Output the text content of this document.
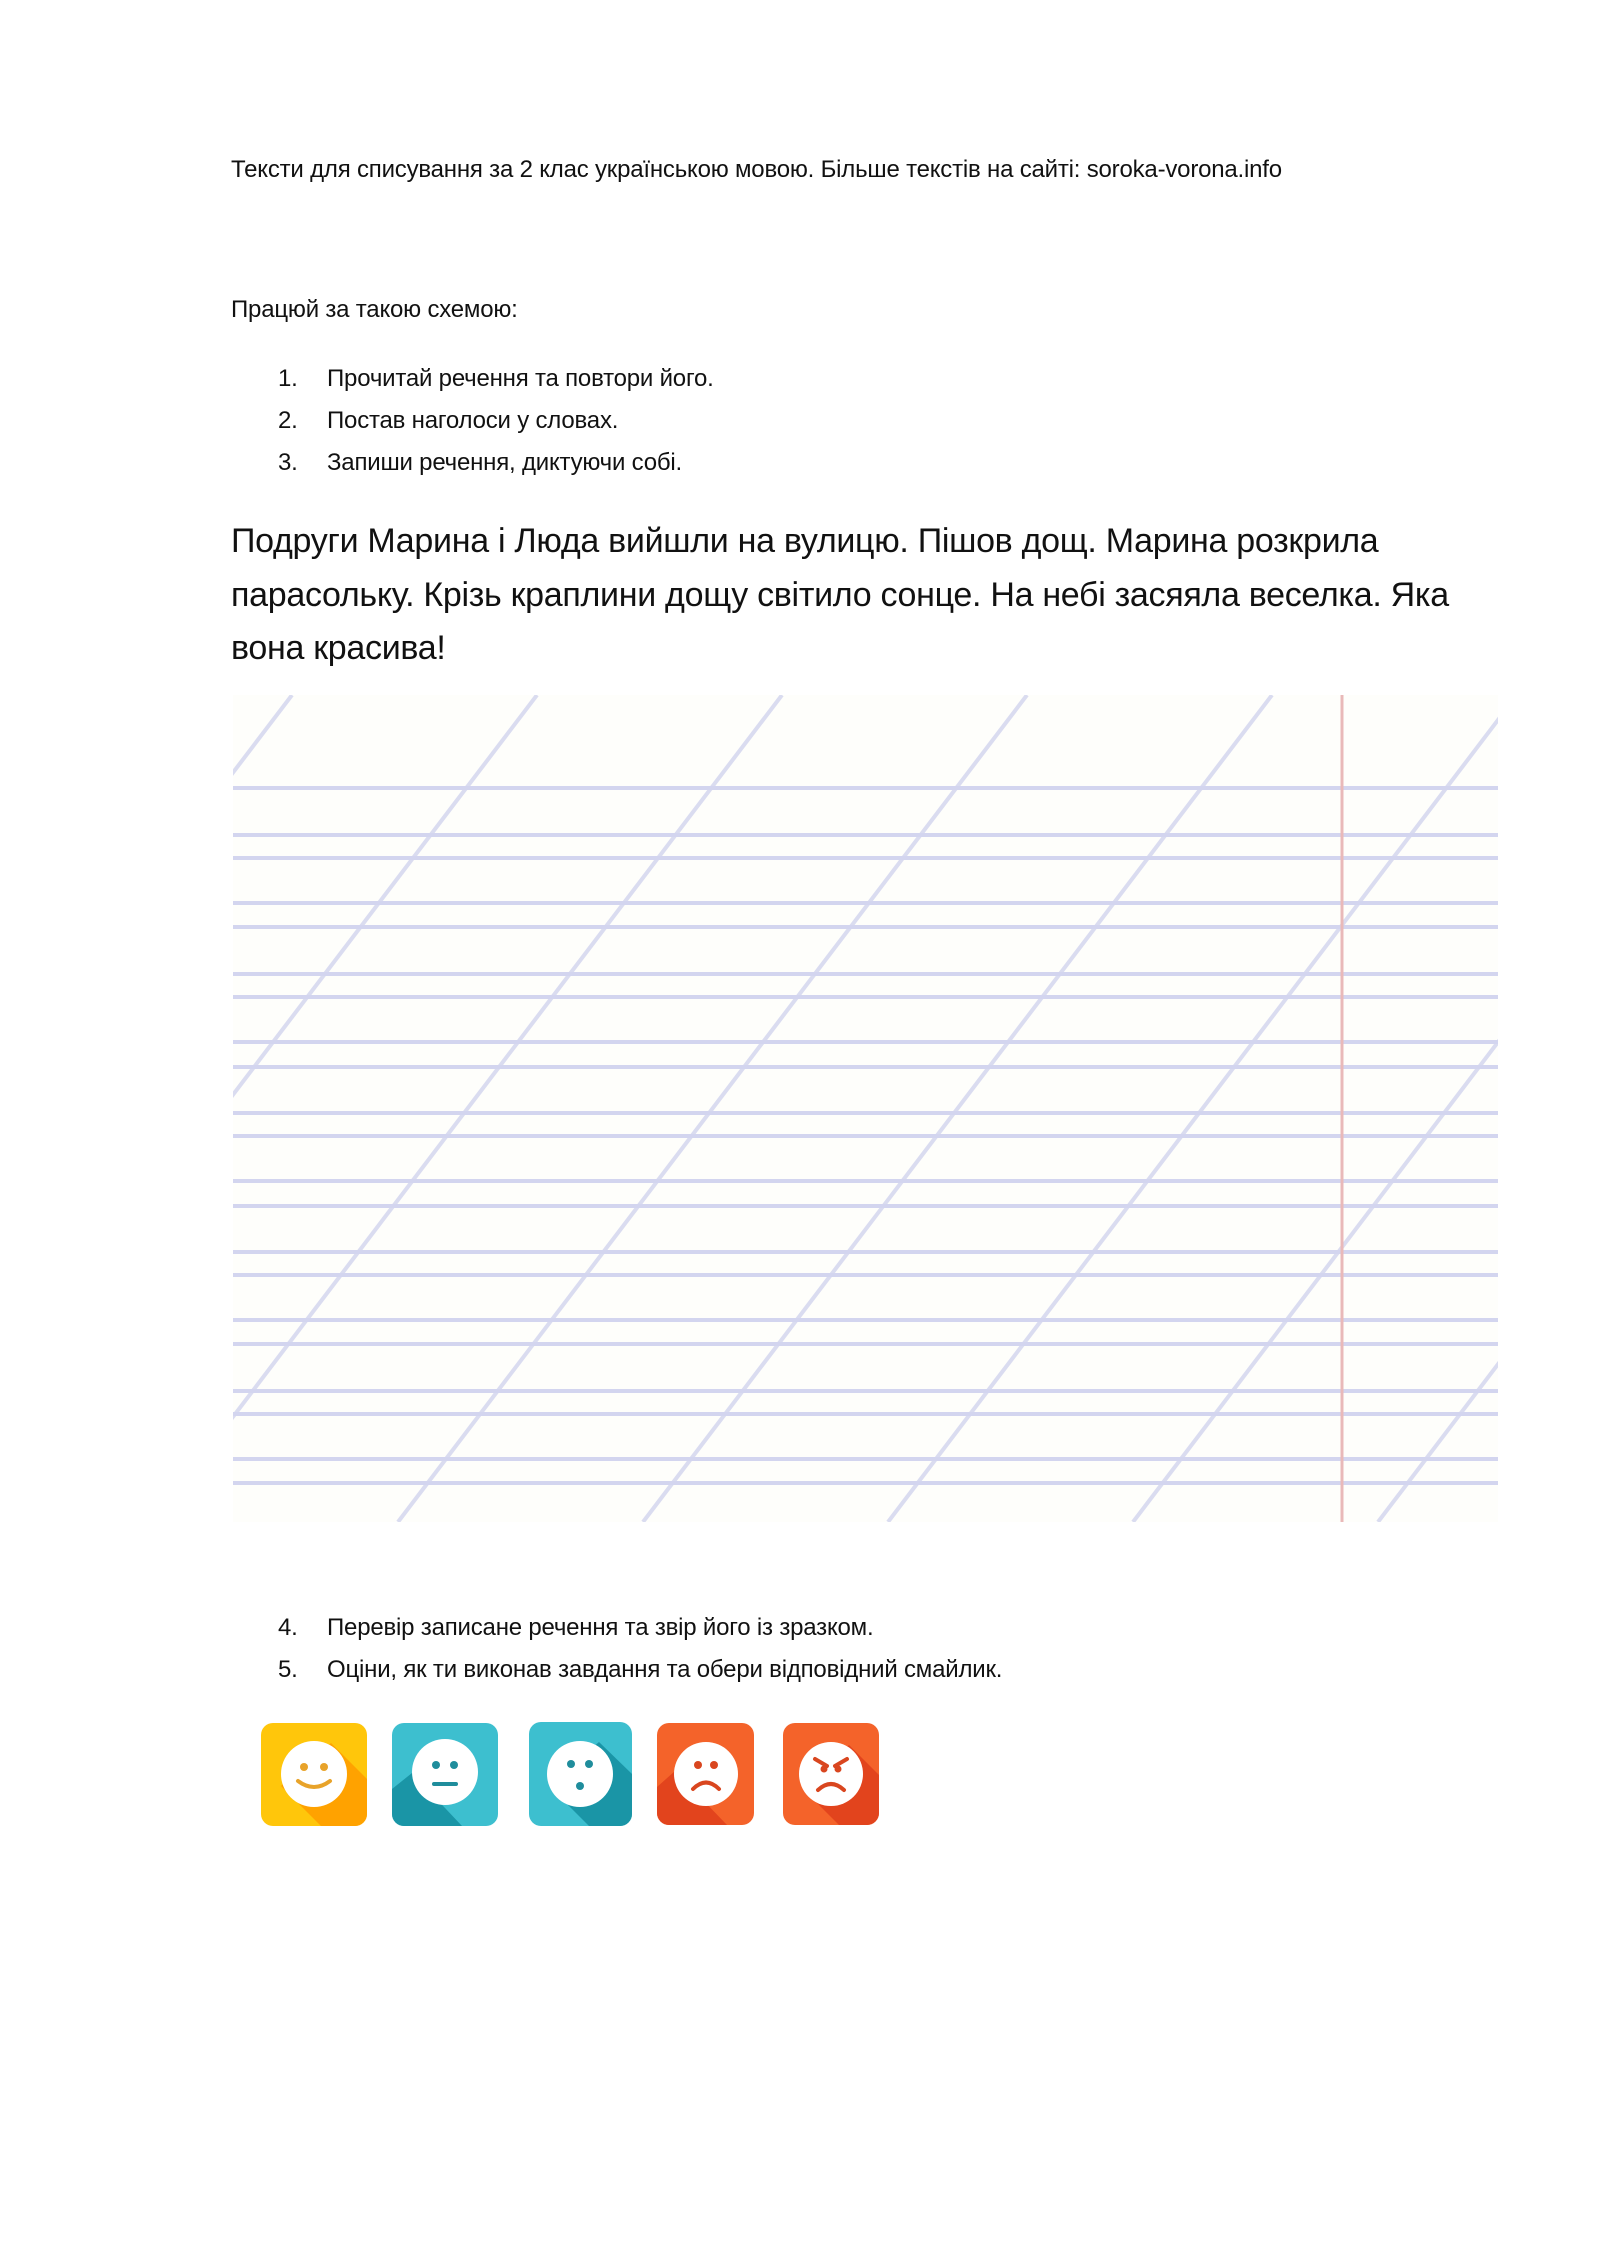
Тексти для списування за 2 клас українською мовою. Більше текстів на сайті: soroka-vorona.info
Працюй за такою схемою:
1. Прочитай речення та повтори його.
2. Постав наголоси у словах.
3. Запиши речення, диктуючи собі.
Подруги Марина і Люда вийшли на вулицю. Пішов дощ. Марина розкрила
парасольку. Крізь краплини дощу світило сонце. На небі засяяла веселка. Яка
вона красива!
4. Перевір записане речення та звір його із зразком.
5. Оціни, як ти виконав завдання та обери відповідний смайлик.
